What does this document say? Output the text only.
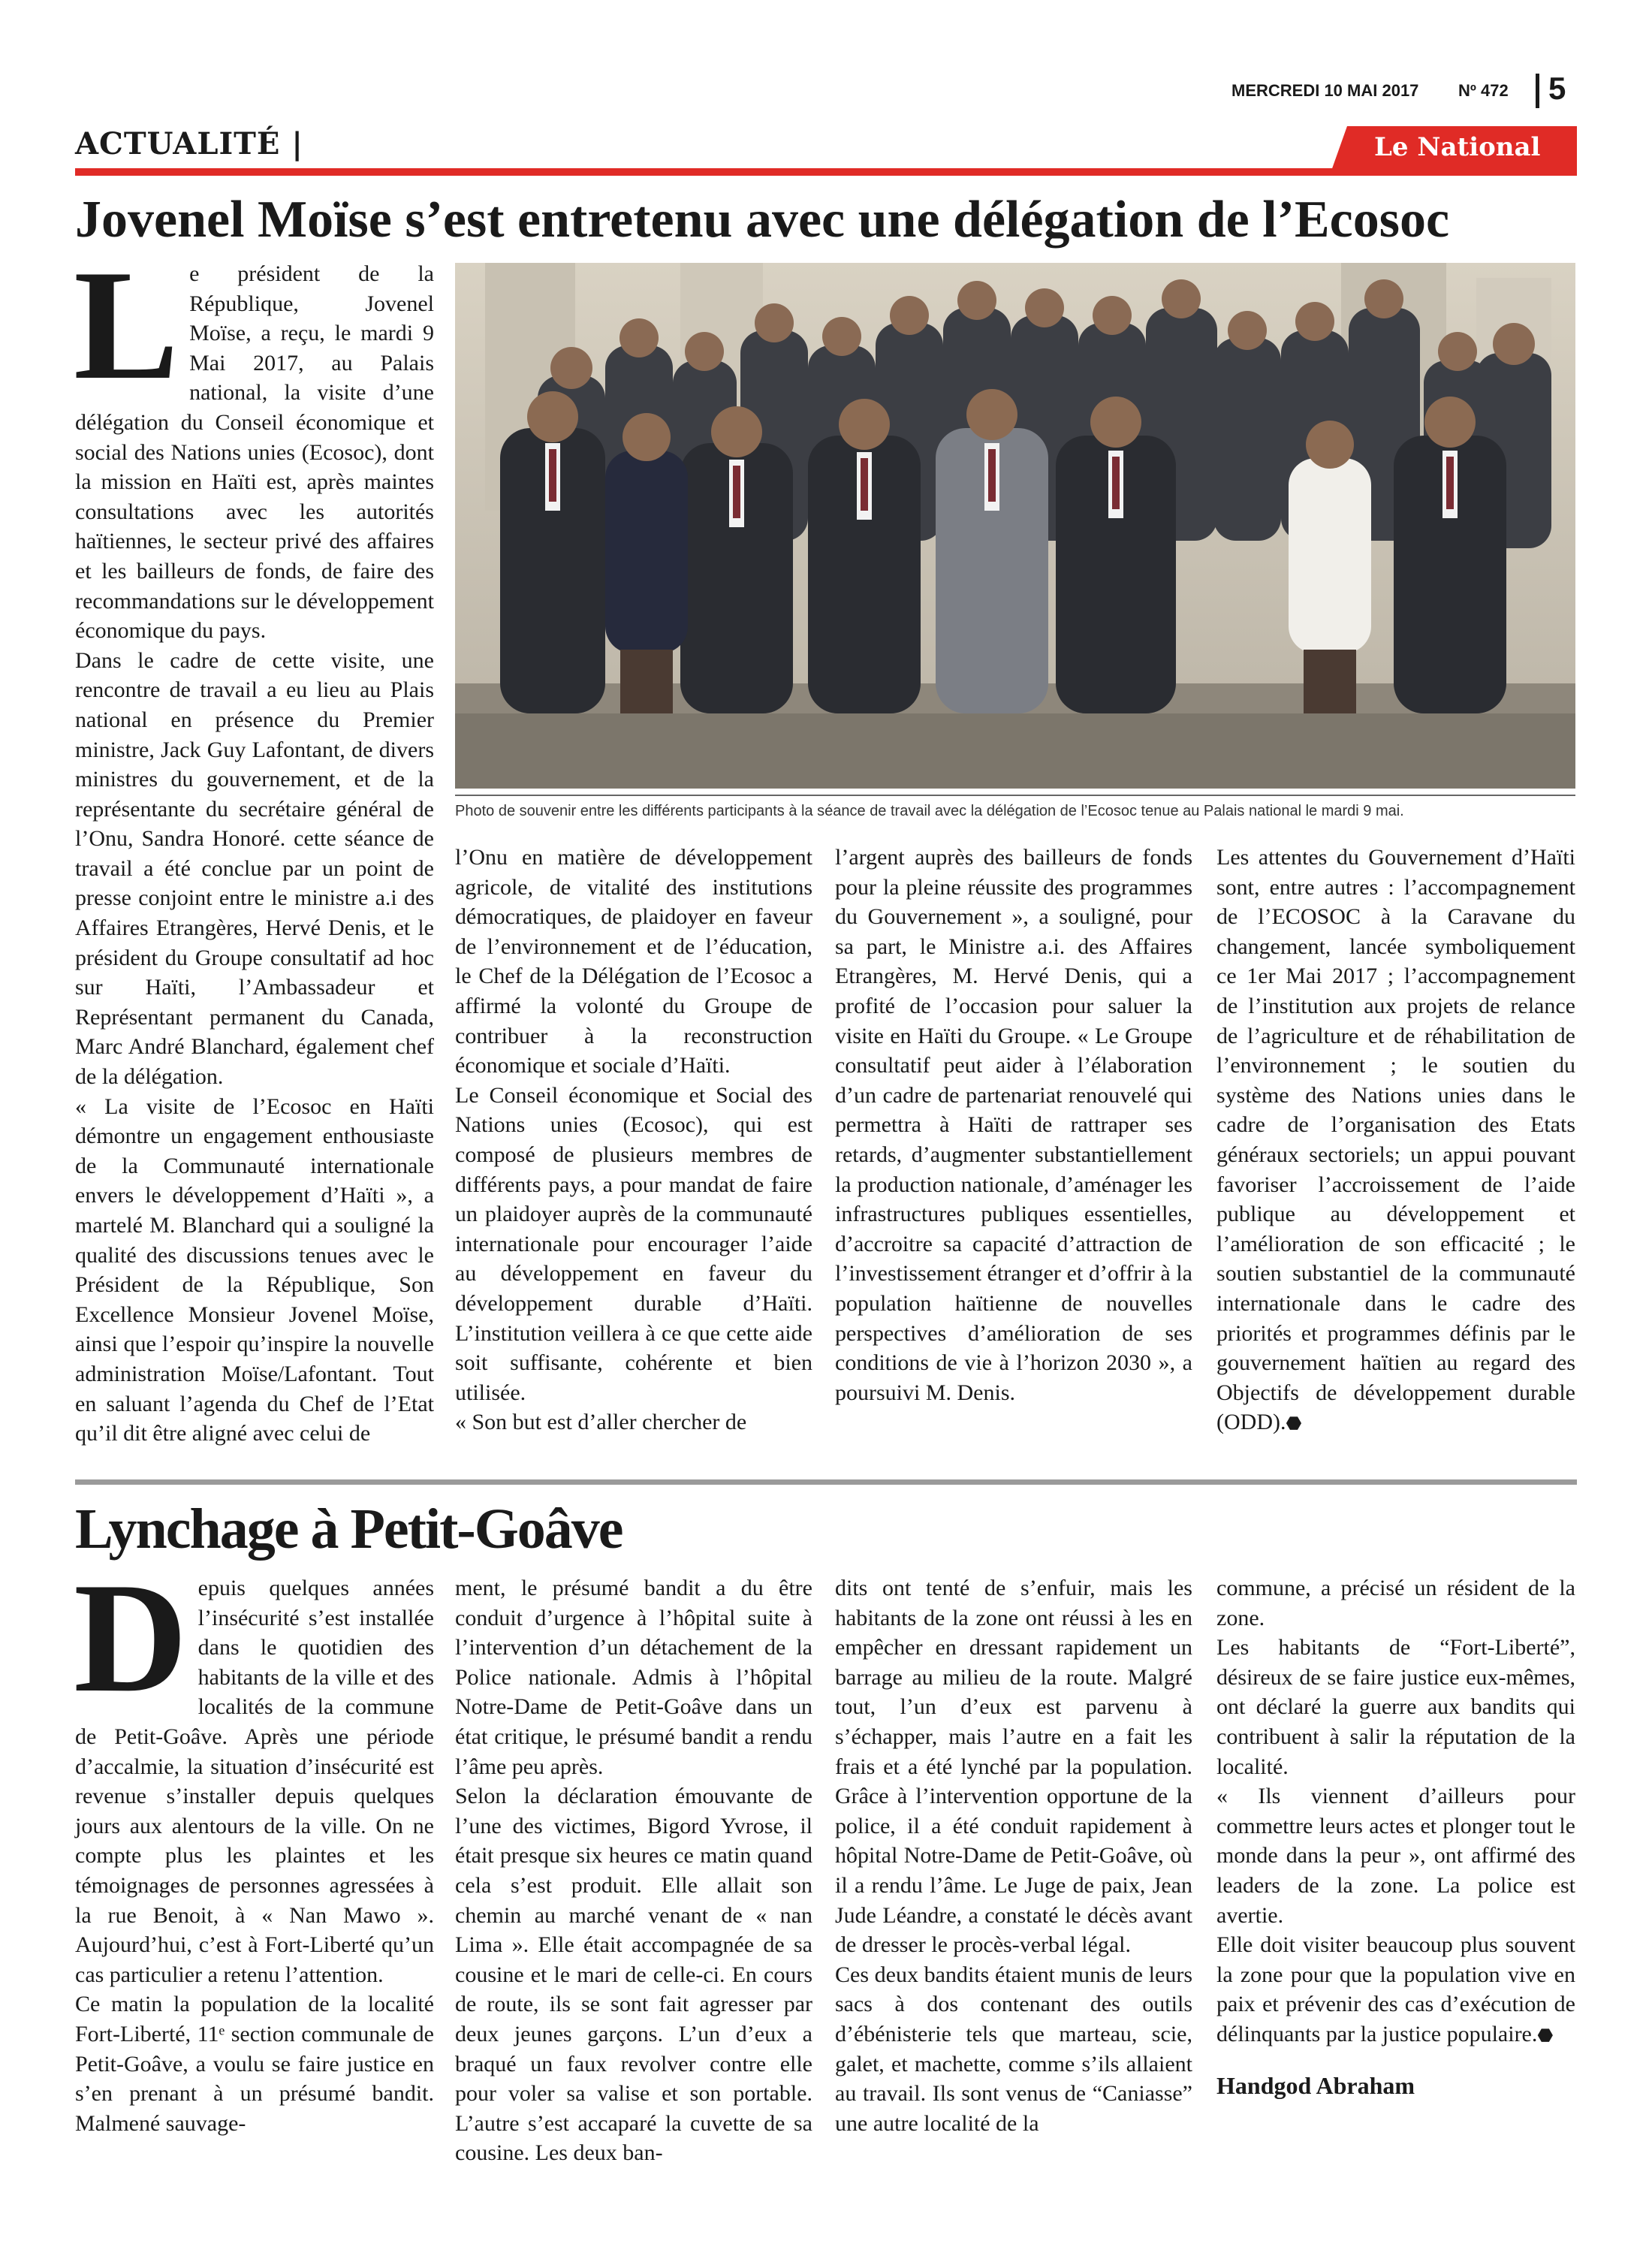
MERCREDI 10 MAI 2017 Nº 472 5
ACTUALITÉ |	Le National
Jovenel Moïse s’est entretenu avec une délégation de l’Ecosoc
L e président de la République, Jovenel Moïse, a reçu, le mardi 9 Mai 2017, au Palais national, la visite d’une délégation du Conseil économique et social des Nations unies (Ecosoc), dont la mission en Haïti est, après maintes consultations avec les autorités haïtiennes, le secteur privé des affaires et les bailleurs de fonds, de faire des recommandations sur le développement économique du pays.

Dans le cadre de cette visite, une rencontre de travail a eu lieu au Plais national en présence du Premier ministre, Jack Guy Lafontant, de divers ministres du gouvernement, et de la représentante du secrétaire général de l’Onu, Sandra Honoré. cette séance de travail a été conclue par un point de presse conjoint entre le ministre a.i des Affaires Etrangères, Hervé Denis, et le président du Groupe consultatif ad hoc sur Haïti, l’Ambassadeur et Représentant permanent du Canada, Marc André Blanchard, également chef de la délégation.

« La visite de l’Ecosoc en Haïti démontre un engagement enthousiaste de la Communauté internationale envers le développement d’Haïti », a martelé M. Blanchard qui a souligné la qualité des discussions tenues avec le Président de la République, Son Excellence Monsieur Jovenel Moïse, ainsi que l’espoir qu’inspire la nouvelle administration Moïse/Lafontant. Tout en saluant l’agenda du Chef de l’Etat qu’il dit être aligné avec celui de

Photo de souvenir entre les différents participants à la séance de travail avec la délégation de l’Ecosoc tenue au Palais national le mardi 9 mai.

l’Onu en matière de développement agricole, de vitalité des institutions démocratiques, de plaidoyer en faveur de l’environnement et de l’éducation, le Chef de la Délégation de l’Ecosoc a affirmé la volonté du Groupe de contribuer à la reconstruction économique et sociale d’Haïti.

Le Conseil économique et Social des Nations unies (Ecosoc), qui est composé de plusieurs membres de différents pays, a pour mandat de faire un plaidoyer auprès de la communauté internationale pour encourager l’aide au développement en faveur du développement durable d’Haïti. L’institution veillera à ce que cette aide soit suffisante, cohérente et bien utilisée.

« Son but est d’aller chercher de

l’argent auprès des bailleurs de fonds pour la pleine réussite des programmes du Gouvernement », a souligné, pour sa part, le Ministre a.i. des Affaires Etrangères, M. Hervé Denis, qui a profité de l’occasion pour saluer la visite en Haïti du Groupe. « Le Groupe consultatif peut aider à l’élaboration d’un cadre de partenariat renouvelé qui permettra à Haïti de rattraper ses retards, d’augmenter substantiellement la production nationale, d’aménager les infrastructures publiques essentielles, d’accroitre sa capacité d’attraction de l’investissement étranger et d’offrir à la population haïtienne de nouvelles perspectives d’amélioration de ses conditions de vie à l’horizon 2030 », a poursuivi M. Denis.

Les attentes du Gouvernement d’Haïti sont, entre autres : l’accompagnement de l’ECOSOC à la Caravane du changement, lancée symboliquement ce 1er Mai 2017 ; l’accompagnement de l’institution aux projets de relance de l’agriculture et de réhabilitation de l’environnement ; le soutien du système des Nations unies dans le cadre de l’organisation des Etats généraux sectoriels; un appui pouvant favoriser l’accroissement de l’aide publique au développement et l’amélioration de son efficacité ; le soutien substantiel de la communauté internationale dans le cadre des priorités et programmes définis par le gouvernement haïtien au regard des Objectifs de développement durable (ODD).⬣

Lynchage à Petit-Goâve
D epuis quelques années l’insécurité s’est installée dans le quotidien des habitants de la ville et des localités de la commune de Petit-Goâve. Après une période d’accalmie, la situation d’insécurité est revenue s’installer depuis quelques jours aux alentours de la ville. On ne compte plus les plaintes et les témoignages de personnes agressées à la rue Benoit, à « Nan Mawo ». Aujourd’hui, c’est à Fort-Liberté qu’un cas particulier a retenu l’attention.

Ce matin la population de la localité Fort-Liberté, 11ᵉ section communale de Petit-Goâve, a voulu se faire justice en s’en prenant à un présumé bandit. Malmené sauvage-

ment, le présumé bandit a du être conduit d’urgence à l’hôpital suite à l’intervention d’un détachement de la Police nationale. Admis à l’hôpital Notre-Dame de Petit-Goâve dans un état critique, le présumé bandit a rendu l’âme peu après.

Selon la déclaration émouvante de l’une des victimes, Bigord Yvrose, il était presque six heures ce matin quand cela s’est produit. Elle allait son chemin au marché venant de « nan Lima ». Elle était accompagnée de sa cousine et le mari de celle-ci. En cours de route, ils se sont fait agresser par deux jeunes garçons. L’un d’eux a braqué un faux revolver contre elle pour voler sa valise et son portable. L’autre s’est accaparé la cuvette de sa cousine. Les deux ban-

dits ont tenté de s’enfuir, mais les habitants de la zone ont réussi à les en empêcher en dressant rapidement un barrage au milieu de la route. Malgré tout, l’un d’eux est parvenu à s’échapper, mais l’autre en a fait les frais et a été lynché par la population. Grâce à l’intervention opportune de la police, il a été conduit rapidement à hôpital Notre-Dame de Petit-Goâve, où il a rendu l’âme. Le Juge de paix, Jean Jude Léandre, a constaté le décès avant de dresser le procès-verbal légal.

Ces deux bandits étaient munis de leurs sacs à dos contenant des outils d’ébénisterie tels que marteau, scie, galet, et machette, comme s’ils allaient au travail. Ils sont venus de “Caniasse” une autre localité de la

commune, a précisé un résident de la zone.

Les habitants de “Fort-Liberté”, désireux de se faire justice eux-mêmes, ont déclaré la guerre aux bandits qui contribuent à salir la réputation de la localité.

« Ils viennent d’ailleurs pour commettre leurs actes et plonger tout le monde dans la peur », ont affirmé des leaders de la zone. La police est avertie.

Elle doit visiter beaucoup plus souvent la zone pour que la population vive en paix et prévenir des cas d’exécution de délinquants par la justice populaire.⬣

Handgod Abraham
